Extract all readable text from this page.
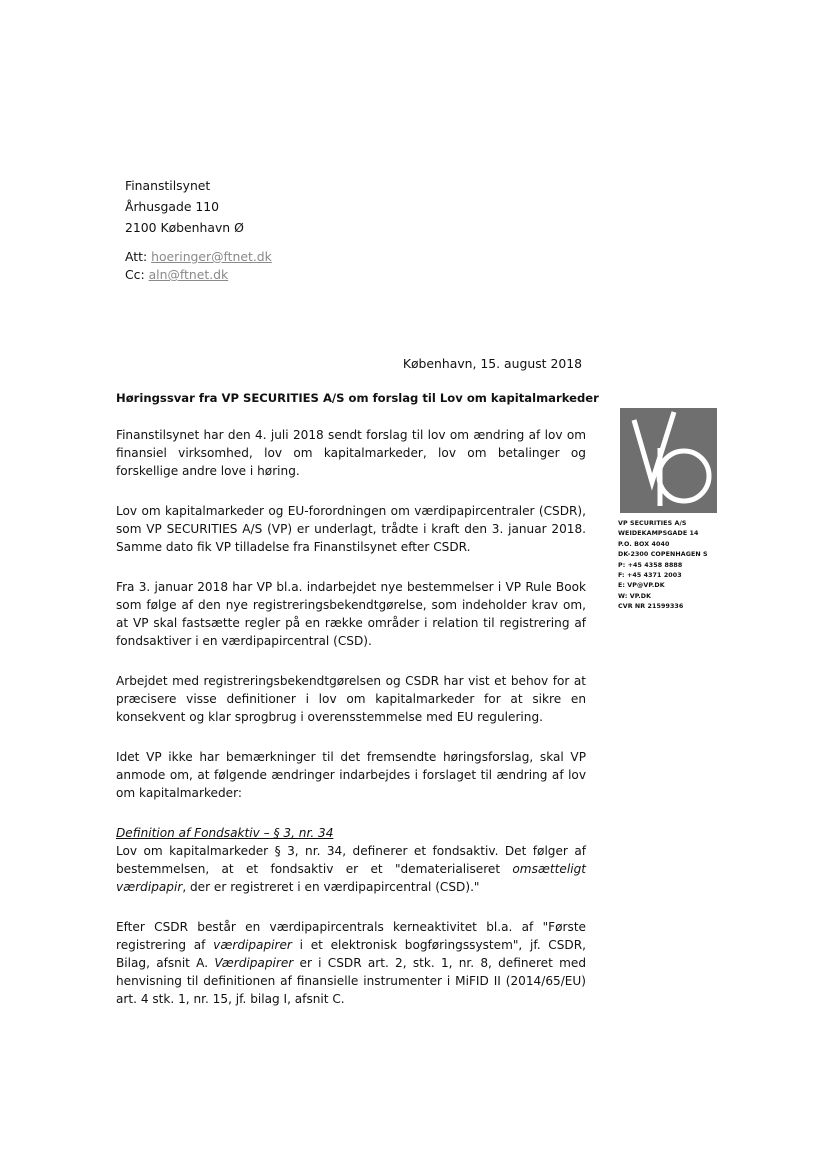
Finanstilsynet
Århusgade 110
2100 København Ø
Att: hoeringer@ftnet.dk
Cc: aln@ftnet.dk
København, 15. august 2018
Høringssvar fra VP SECURITIES A/S om forslag til Lov om kapitalmarkeder

Finanstilsynet har den 4. juli 2018 sendt forslag til lov om ændring af lov om finansiel virksomhed, lov om kapitalmarkeder, lov om betalinger og forskellige andre love i høring.

Lov om kapitalmarkeder og EU-forordningen om værdipapircentraler (CSDR), som VP SECURITIES A/S (VP) er underlagt, trådte i kraft den 3. januar 2018. Samme dato fik VP tilladelse fra Finanstilsynet efter CSDR.

Fra 3. januar 2018 har VP bl.a. indarbejdet nye bestemmelser i VP Rule Book som følge af den nye registreringsbekendtgørelse, som indeholder krav om, at VP skal fastsætte regler på en række områder i relation til registrering af fondsaktiver i en værdipapircentral (CSD).

Arbejdet med registreringsbekendtgørelsen og CSDR har vist et behov for at præcisere visse definitioner i lov om kapitalmarkeder for at sikre en konsekvent og klar sprogbrug i overensstemmelse med EU regulering.

Idet VP ikke har bemærkninger til det fremsendte høringsforslag, skal VP anmode om, at følgende ændringer indarbejdes i forslaget til ændring af lov om kapitalmarkeder:

Definition af Fondsaktiv – § 3, nr. 34

Lov om kapitalmarkeder § 3, nr. 34, definerer et fondsaktiv. Det følger af bestemmelsen, at et fondsaktiv er et "dematerialiseret omsætteligt værdipapir, der er registreret i en værdipapircentral (CSD)."

Efter CSDR består en værdipapircentrals kerneaktivitet bl.a. af "Første registrering af værdipapirer i et elektronisk bogføringssystem", jf. CSDR, Bilag, afsnit A. Værdipapirer er i CSDR art. 2, stk. 1, nr. 8, defineret med henvisning til definitionen af finansielle instrumenter i MiFID II (2014/65/EU) art. 4 stk. 1, nr. 15, jf. bilag I, afsnit C.

VP SECURITIES A/S
WEIDEKAMPSGADE 14
P.O. BOX 4040
DK-2300 COPENHAGEN S
P: +45 4358 8888
F: +45 4371 2003
E: VP@VP.DK
W: VP.DK
CVR NR 21599336
